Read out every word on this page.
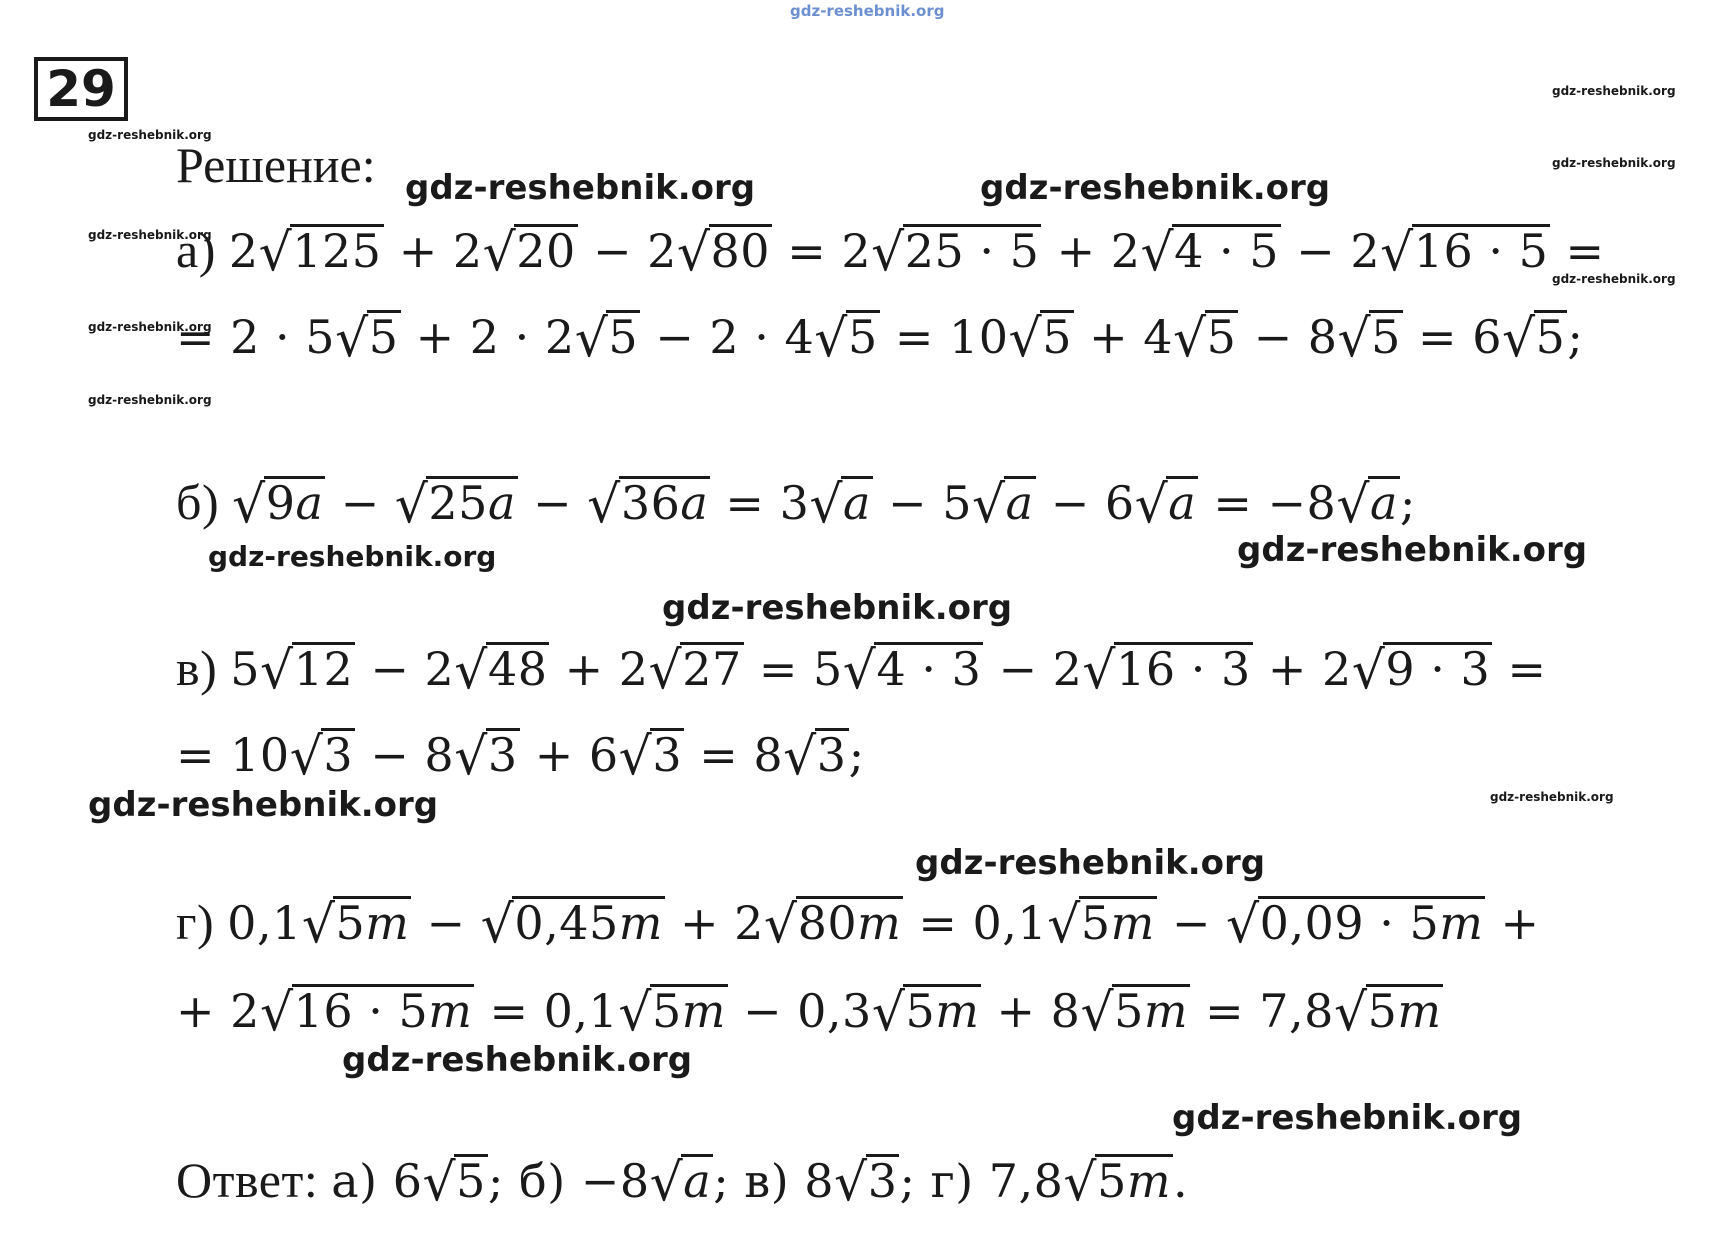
gdz-reshebnik.org
29	gdz-reshebnik.org
gdz-reshebnik.org
gdz-reshebnik.org
gdz-reshebnik.org
gdz-reshebnik.org
gdz-reshebnik.org
gdz-reshebnik.org
gdz-reshebnik.org
gdz-reshebnik.org	gdz-reshebnik.org
gdz-reshebnik.org	gdz-reshebnik.org
gdz-reshebnik.org
gdz-reshebnik.org
gdz-reshebnik.org
gdz-reshebnik.org
gdz-reshebnik.org
Решение:
а) 2√125 + 2√20 − 2√80 = 2√25 · 5 + 2√4 · 5 − 2√16 · 5 =
= 2 · 5√5 + 2 · 2√5 − 2 · 4√5 = 10√5 + 4√5 − 8√5 = 6√5;
б) √9a − √25a − √36a = 3√a − 5√a − 6√a = −8√a;
в) 5√12 − 2√48 + 2√27 = 5√4 · 3 − 2√16 · 3 + 2√9 · 3 =
= 10√3 − 8√3 + 6√3 = 8√3;
г) 0,1√5m − √0,45m + 2√80m = 0,1√5m − √0,09 · 5m +
+ 2√16 · 5m = 0,1√5m − 0,3√5m + 8√5m = 7,8√5m
Ответ: а) 6√5; б) −8√a; в) 8√3; г) 7,8√5m.
